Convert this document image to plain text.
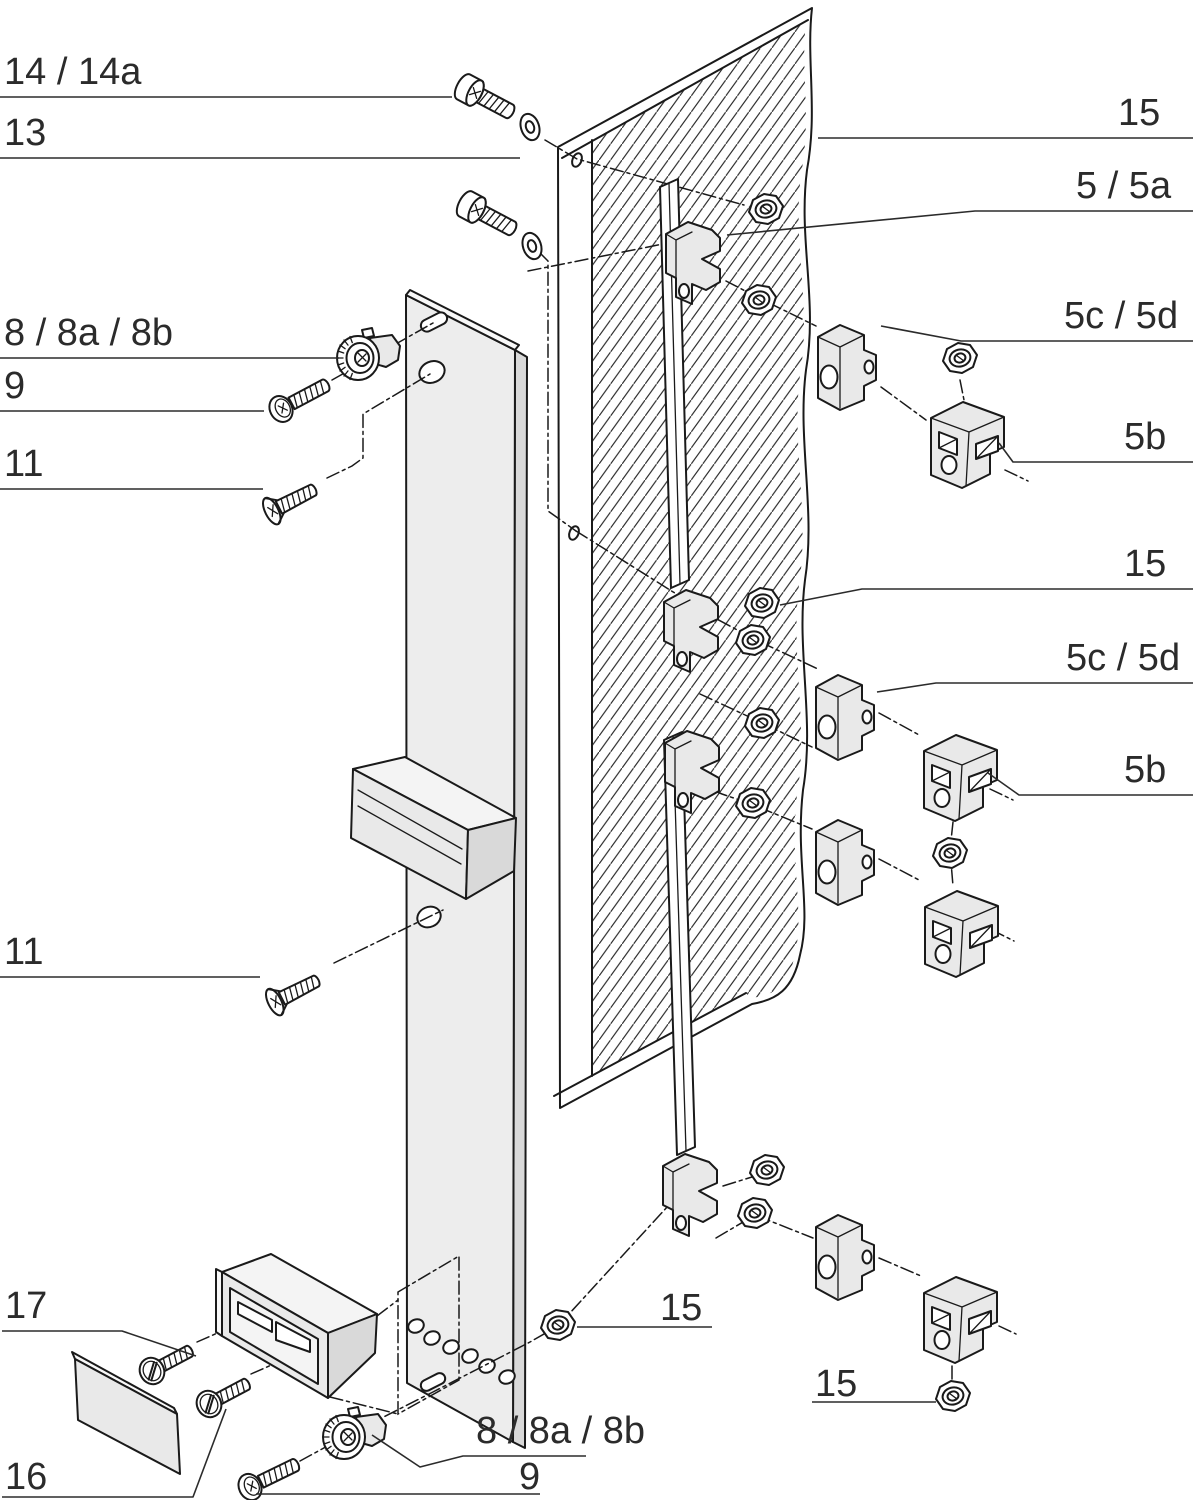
14 / 14a
13
8 / 8a / 8b
9
11
11
17
16
15
5 / 5a
5c / 5d
5b
15
5c / 5d
5b
15
15
8 / 8a / 8b
9
